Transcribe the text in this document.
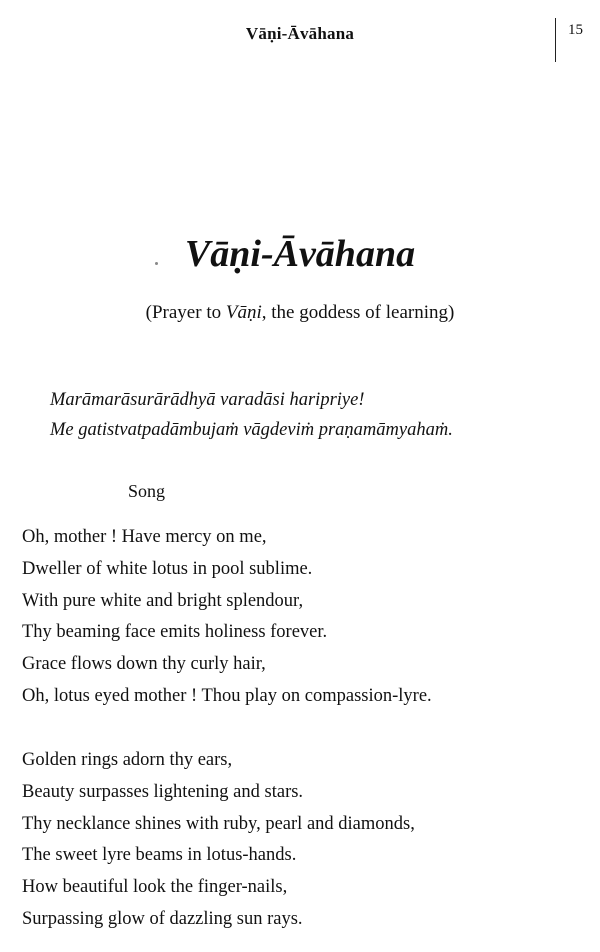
Vāṇi-Āvāhana	15
Vāṇi-Āvāhana
(Prayer to Vāṇi, the goddess of learning)
Marāmarāsurārādhyā varadāsi haripriye!
Me gatistvatpadāmbujaṁ vāgdeviṁ praṇamāmyahaṁ.
Song
Oh, mother ! Have mercy on me,
Dweller of white lotus in pool sublime.
With pure white and bright splendour,
Thy beaming face emits holiness forever.
Grace flows down thy curly hair,
Oh, lotus eyed mother ! Thou play on compassion-lyre.
Golden rings adorn thy ears,
Beauty surpasses lightening and stars.
Thy necklance shines with ruby, pearl and diamonds,
The sweet lyre beams in lotus-hands.
How beautiful look the finger-nails,
Surpassing glow of dazzling sun rays.
